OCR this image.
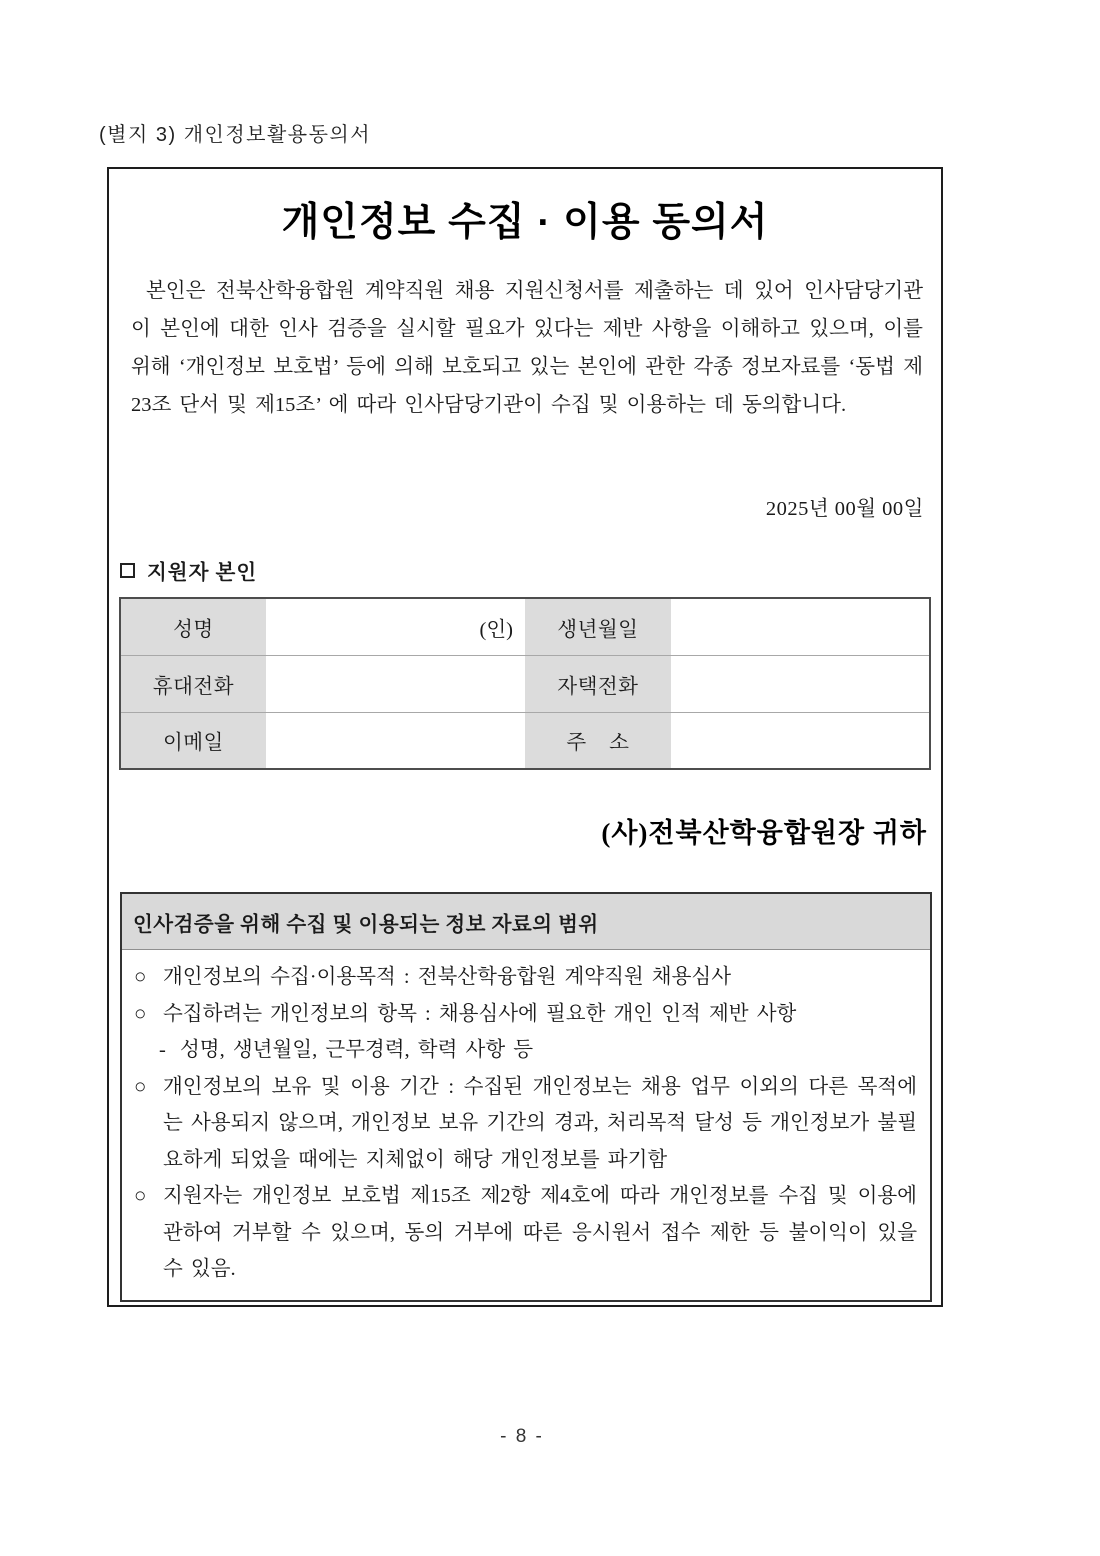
(별지 3) 개인정보활용동의서
개인정보 수집 · 이용 동의서
본인은 전북산학융합원 계약직원 채용 지원신청서를 제출하는 데 있어 인사담당기관이 본인에 대한 인사 검증을 실시할 필요가 있다는 제반 사항을 이해하고 있으며, 이를 위해 ‘개인정보 보호법’ 등에 의해 보호되고 있는 본인에 관한 각종 정보자료를 ‘동법 제23조 단서 및 제15조’ 에 따라 인사담당기관이 수집 및 이용하는 데 동의합니다.
2025년 00월 00일
지원자 본인
성명	(인)	생년월일	
휴대전화		자택전화	
이메일		주    소	
(사)전북산학융합원장 귀하
인사검증을 위해 수집 및 이용되는 정보 자료의 범위
○ 개인정보의 수집·이용목적 : 전북산학융합원 계약직원 채용심사
○ 수집하려는 개인정보의 항목 : 채용심사에 필요한 개인 인적 제반 사항
- 성명, 생년월일, 근무경력, 학력 사항 등
○ 개인정보의 보유 및 이용 기간 : 수집된 개인정보는 채용 업무 이외의 다른 목적에는 사용되지 않으며, 개인정보 보유 기간의 경과, 처리목적 달성 등 개인정보가 불필요하게 되었을 때에는 지체없이 해당 개인정보를 파기함
○ 지원자는 개인정보 보호법 제15조 제2항 제4호에 따라 개인정보를 수집 및 이용에 관하여 거부할 수 있으며, 동의 거부에 따른 응시원서 접수 제한 등 불이익이 있을 수 있음.
- 8 -
